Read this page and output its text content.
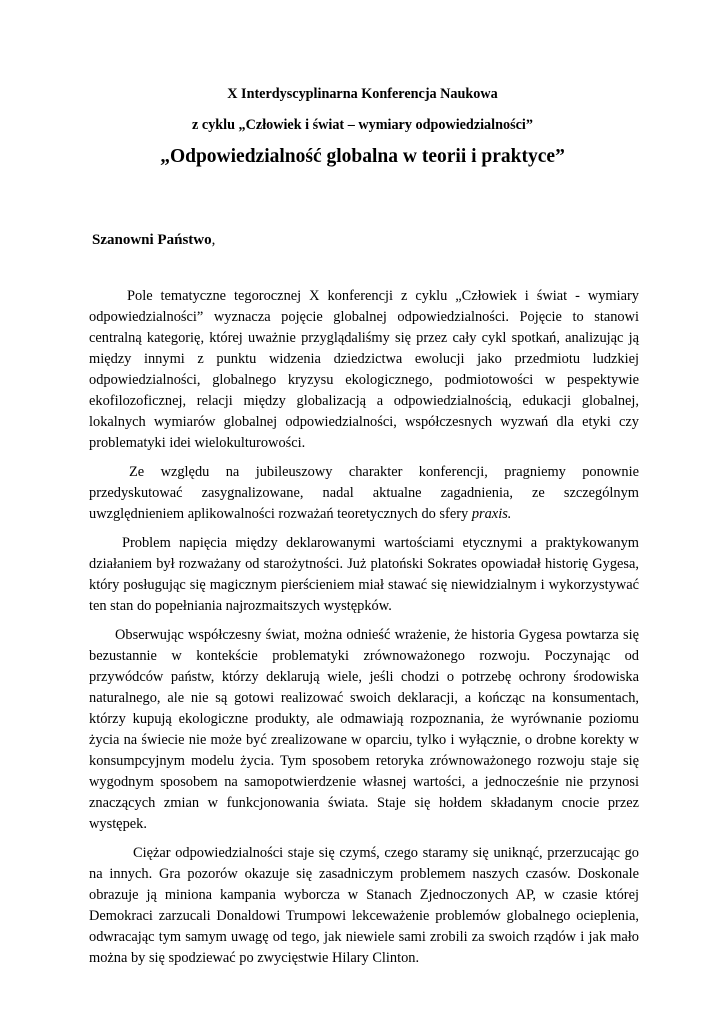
X Interdyscyplinarna Konferencja Naukowa
z cyklu „Człowiek i świat – wymiary odpowiedzialności”
„Odpowiedzialność globalna w teorii i praktyce”
Szanowni Państwo,

Pole tematyczne tegorocznej X konferencji z cyklu „Człowiek i świat - wymiary odpowiedzialności” wyznacza pojęcie globalnej odpowiedzialności. Pojęcie to stanowi centralną kategorię, której uważnie przyglądaliśmy się przez cały cykl spotkań, analizując ją między innymi z punktu widzenia dziedzictwa ewolucji jako przedmiotu ludzkiej odpowiedzialności, globalnego kryzysu ekologicznego, podmiotowości w pespektywie ekofilozoficznej, relacji między globalizacją a odpowiedzialnością, edukacji globalnej, lokalnych wymiarów globalnej odpowiedzialności, współczesnych wyzwań dla etyki czy problematyki idei wielokulturowości.

Ze względu na jubileuszowy charakter konferencji, pragniemy ponownie przedyskutować zasygnalizowane, nadal aktualne zagadnienia, ze szczególnym uwzględnieniem aplikowalności rozważań teoretycznych do sfery praxis.

Problem napięcia między deklarowanymi wartościami etycznymi a praktykowanym działaniem był rozważany od starożytności. Już platoński Sokrates opowiadał historię Gygesa, który posługując się magicznym pierścieniem miał stawać się niewidzialnym i wykorzystywać ten stan do popełniania najrozmaitszych występków.

Obserwując współczesny świat, można odnieść wrażenie, że historia Gygesa powtarza się bezustannie w kontekście problematyki zrównoważonego rozwoju. Poczynając od przywódców państw, którzy deklarują wiele, jeśli chodzi o potrzebę ochrony środowiska naturalnego, ale nie są gotowi realizować swoich deklaracji, a kończąc na konsumentach, którzy kupują ekologiczne produkty, ale odmawiają rozpoznania, że wyrównanie poziomu życia na świecie nie może być zrealizowane w oparciu, tylko i wyłącznie, o drobne korekty w konsumpcyjnym modelu życia. Tym sposobem retoryka zrównoważonego rozwoju staje się wygodnym sposobem na samopotwierdzenie własnej wartości, a jednocześnie nie przynosi znaczących zmian w funkcjonowania świata. Staje się hołdem składanym cnocie przez występek.

Ciężar odpowiedzialności staje się czymś, czego staramy się uniknąć, przerzucając go na innych. Gra pozorów okazuje się zasadniczym problemem naszych czasów. Doskonale obrazuje ją miniona kampania wyborcza w Stanach Zjednoczonych AP, w czasie której Demokraci zarzucali Donaldowi Trumpowi lekceważenie problemów globalnego ocieplenia, odwracając tym samym uwagę od tego, jak niewiele sami zrobili za swoich rządów i jak mało można by się spodziewać po zwycięstwie Hilary Clinton.
